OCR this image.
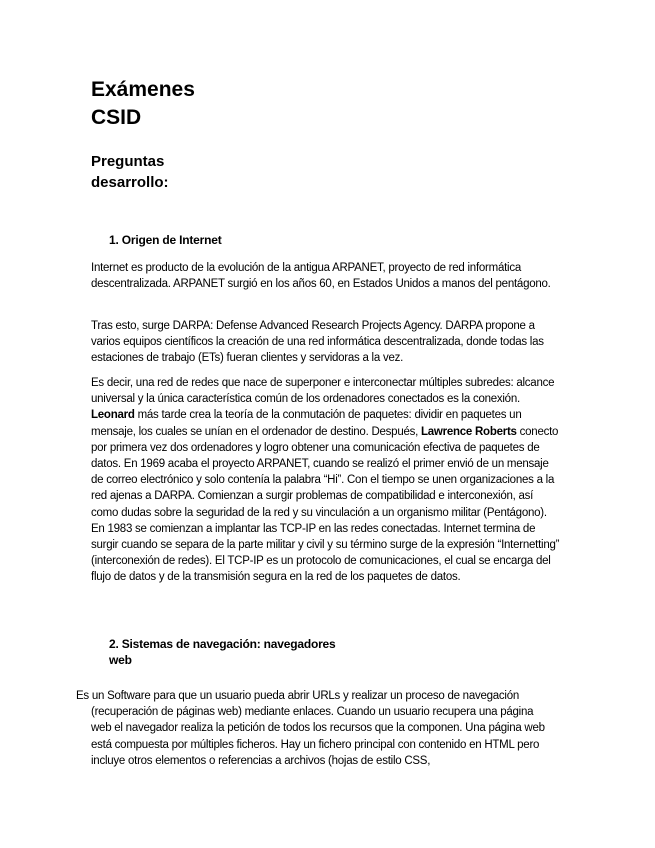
Exámenes
CSID
Preguntas
desarrollo:
1. Origen de Internet

Internet es producto de la evolución de la antigua ARPANET, proyecto de red informática descentralizada. ARPANET surgió en los años 60, en Estados Unidos a manos del pentágono.

Tras esto, surge DARPA: Defense Advanced Research Projects Agency. DARPA propone a varios equipos científicos la creación de una red informática descentralizada, donde todas las estaciones de trabajo (ETs) fueran clientes y servidoras a la vez.

Es decir, una red de redes que nace de superponer e interconectar múltiples subredes: alcance universal y la única característica común de los ordenadores conectados es la conexión. Leonard más tarde crea la teoría de la conmutación de paquetes: dividir en paquetes un mensaje, los cuales se unían en el ordenador de destino. Después, Lawrence Roberts conecto por primera vez dos ordenadores y logro obtener una comunicación efectiva de paquetes de datos. En 1969 acaba el proyecto ARPANET, cuando se realizó el primer envió de un mensaje de correo electrónico y solo contenía la palabra “Hi”. Con el tiempo se unen organizaciones a la red ajenas a DARPA. Comienzan a surgir problemas de compatibilidad e interconexión, así como dudas sobre la seguridad de la red y su vinculación a un organismo militar (Pentágono). En 1983 se comienzan a implantar las TCP-IP en las redes conectadas. Internet termina de surgir cuando se separa de la parte militar y civil y su término surge de la expresión “Internetting” (interconexión de redes). El TCP-IP es un protocolo de comunicaciones, el cual se encarga del flujo de datos y de la transmisión segura en la red de los paquetes de datos.

2. Sistemas de navegación: navegadores
web

Es un Software para que un usuario pueda abrir URLs y realizar un proceso de navegación (recuperación de páginas web) mediante enlaces. Cuando un usuario recupera una página web el navegador realiza la petición de todos los recursos que la componen. Una página web está compuesta por múltiples ficheros. Hay un fichero principal con contenido en HTML pero incluye otros elementos o referencias a archivos (hojas de estilo CSS,
